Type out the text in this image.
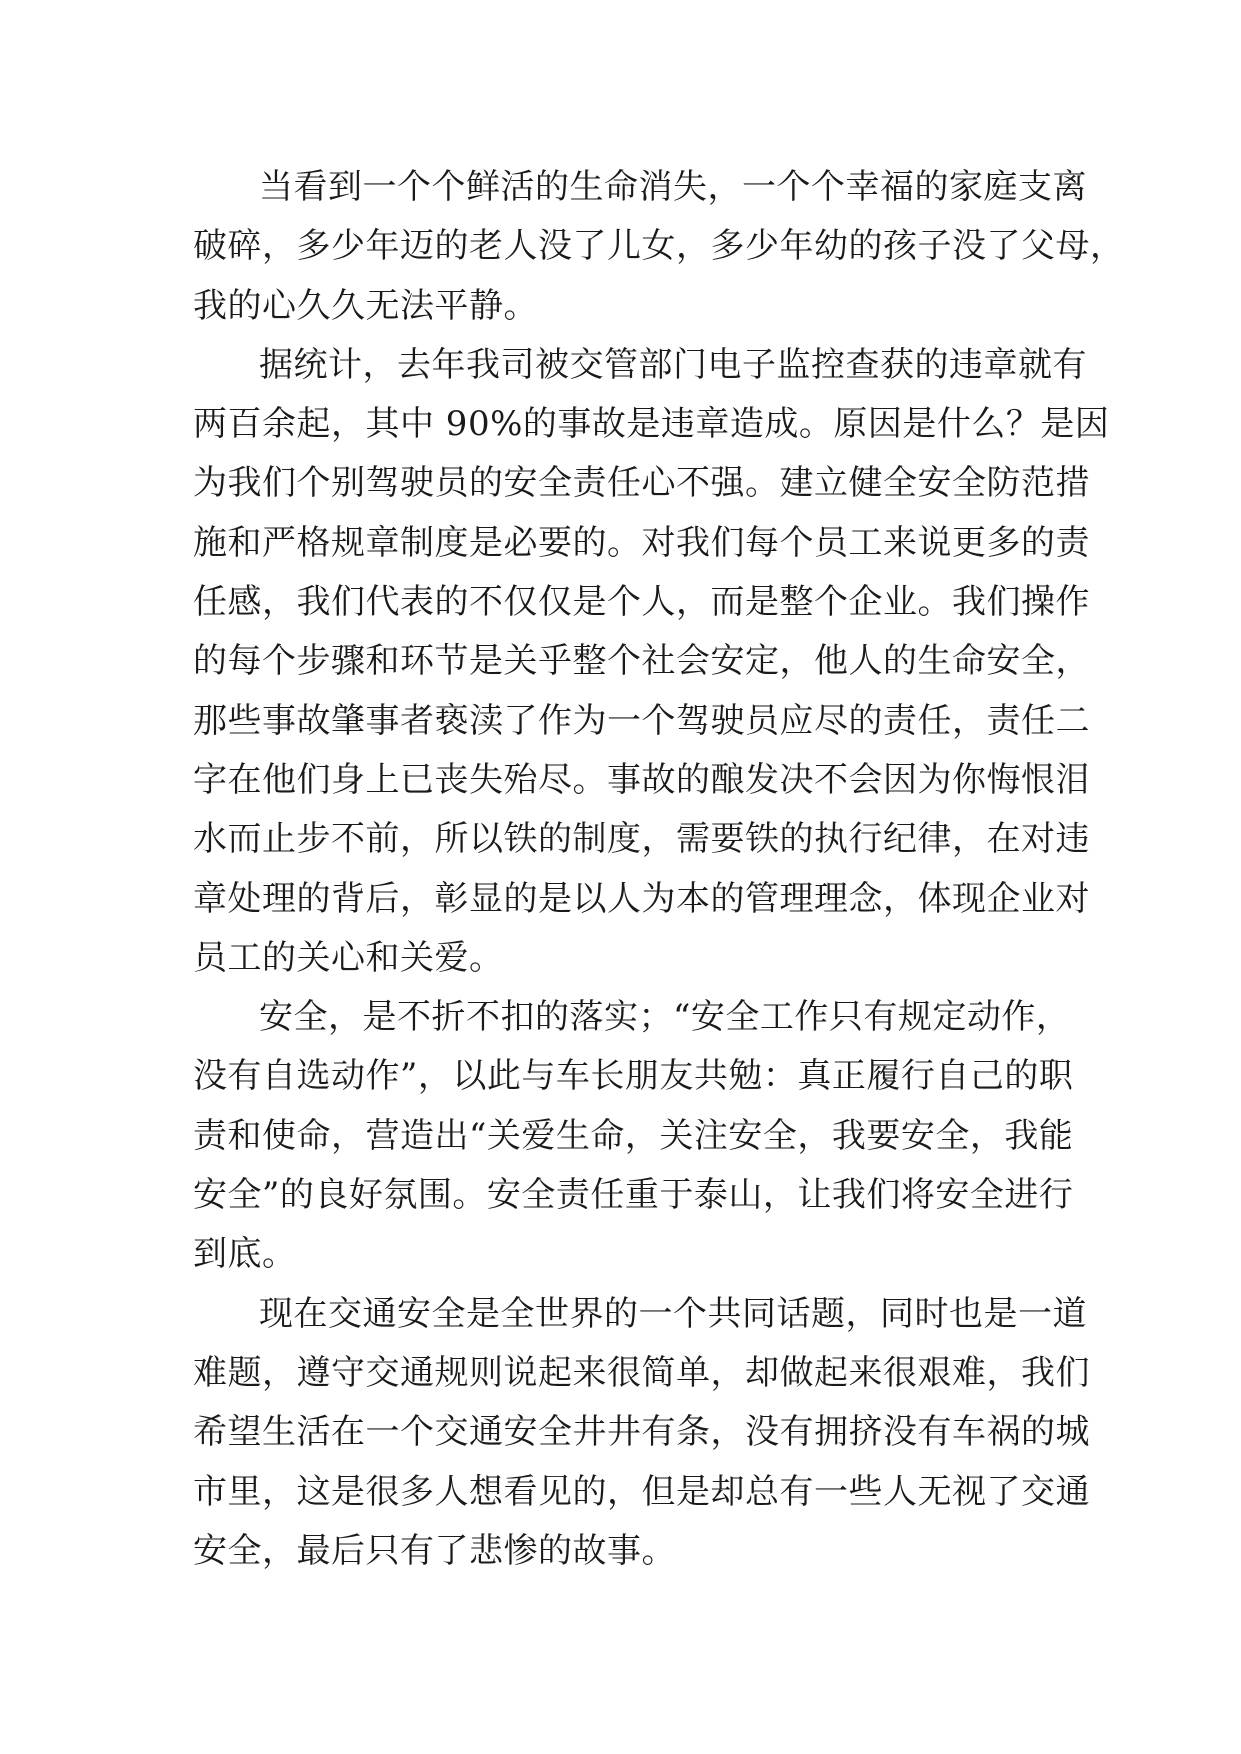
当看到一个个鲜活的生命消失，一个个幸福的家庭支离
破碎，多少年迈的老人没了儿女，多少年幼的孩子没了父母，
我的心久久无法平静。
据统计，去年我司被交管部门电子监控查获的违章就有
两百余起，其中 90%的事故是违章造成。原因是什么？是因
为我们个别驾驶员的安全责任心不强。建立健全安全防范措
施和严格规章制度是必要的。对我们每个员工来说更多的责
任感，我们代表的不仅仅是个人，而是整个企业。我们操作
的每个步骤和环节是关乎整个社会安定，他人的生命安全，
那些事故肇事者亵渎了作为一个驾驶员应尽的责任，责任二
字在他们身上已丧失殆尽。事故的酿发决不会因为你悔恨泪
水而止步不前，所以铁的制度，需要铁的执行纪律，在对违
章处理的背后，彰显的是以人为本的管理理念，体现企业对
员工的关心和关爱。
安全，是不折不扣的落实；“安全工作只有规定动作，
没有自选动作”，以此与车长朋友共勉：真正履行自己的职
责和使命，营造出“关爱生命，关注安全，我要安全，我能
安全”的良好氛围。安全责任重于泰山，让我们将安全进行
到底。
现在交通安全是全世界的一个共同话题，同时也是一道
难题，遵守交通规则说起来很简单，却做起来很艰难，我们
希望生活在一个交通安全井井有条，没有拥挤没有车祸的城
市里，这是很多人想看见的，但是却总有一些人无视了交通
安全，最后只有了悲惨的故事。
